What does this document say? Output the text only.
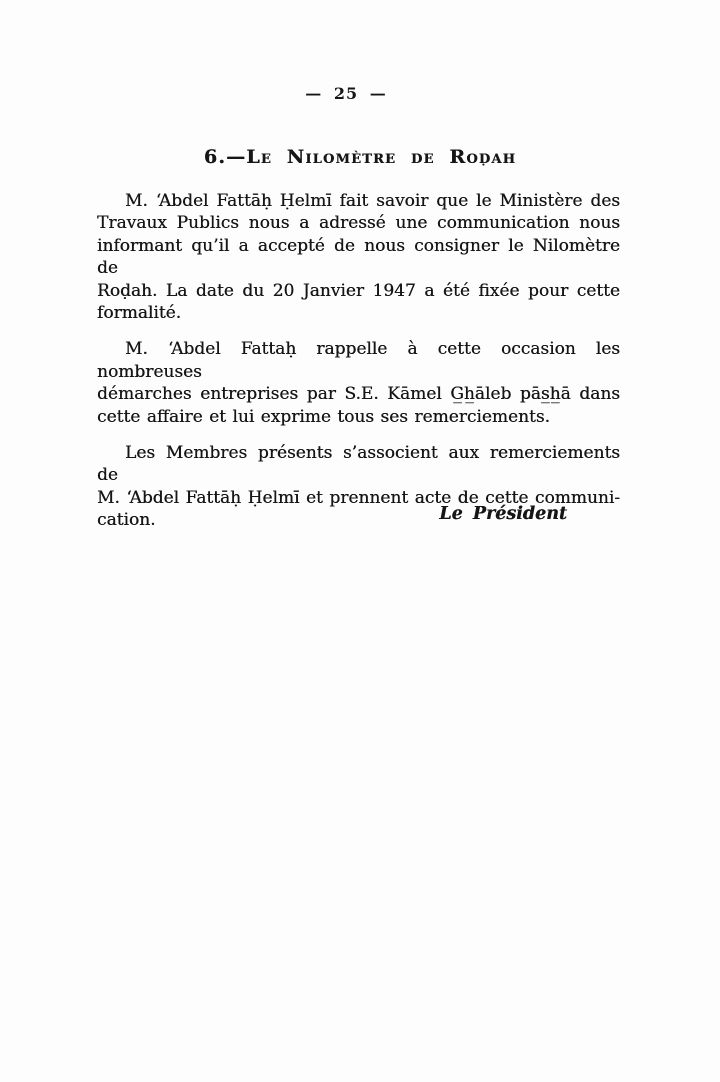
— 25 —
6.—Le Nilomètre de Roḍah
M. ‘Abdel Fattāḥ Ḥelmī fait savoir que le Ministère des
Travaux Publics nous a adressé une communication nous
informant qu’il a accepté de nous consigner le Nilomètre de
Roḍah. La date du 20 Janvier 1947 a été fixée pour cette
formalité.
M. ‘Abdel Fattaḥ rappelle à cette occasion les nombreuses
démarches entreprises par S.E. Kāmel G̲h̲āleb pās̲h̲ā dans
cette affaire et lui exprime tous ses remerciements.
Les Membres présents s’associent aux remerciements de
M. ‘Abdel Fattāḥ Ḥelmī et prennent acte de cette communi-
cation.	Le Président
